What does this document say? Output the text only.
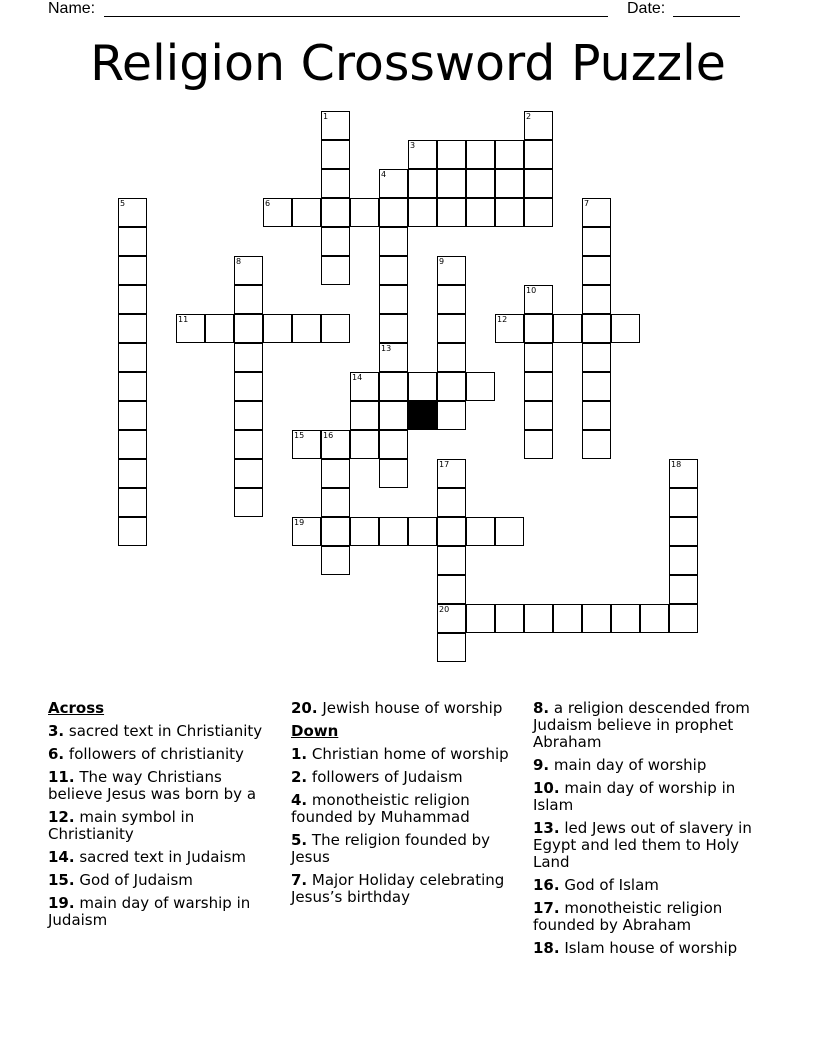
Name:	Date:
Religion Crossword Puzzle
1	2
3
4
5	6	7
8	9
10
11	12
13
14
15 16
17
20
18
19
Across
3. sacred text in Christianity
6. followers of christianity
11. The way Christians believe Jesus was born by a
12. main symbol in Christianity
14. sacred text in Judaism
15. God of Judaism
19. main day of warship in Judaism
20. Jewish house of worship
Down
1. Christian home of worship
2. followers of Judaism
4. monotheistic religion founded by Muhammad
5. The religion founded by Jesus
7. Major Holiday celebrating Jesus’s birthday
8. a religion descended from Judaism believe in prophet Abraham
9. main day of worship
10. main day of worship in Islam
13. led Jews out of slavery in Egypt and led them to Holy Land
16. God of Islam
17. monotheistic religion founded by Abraham
18. Islam house of worship
